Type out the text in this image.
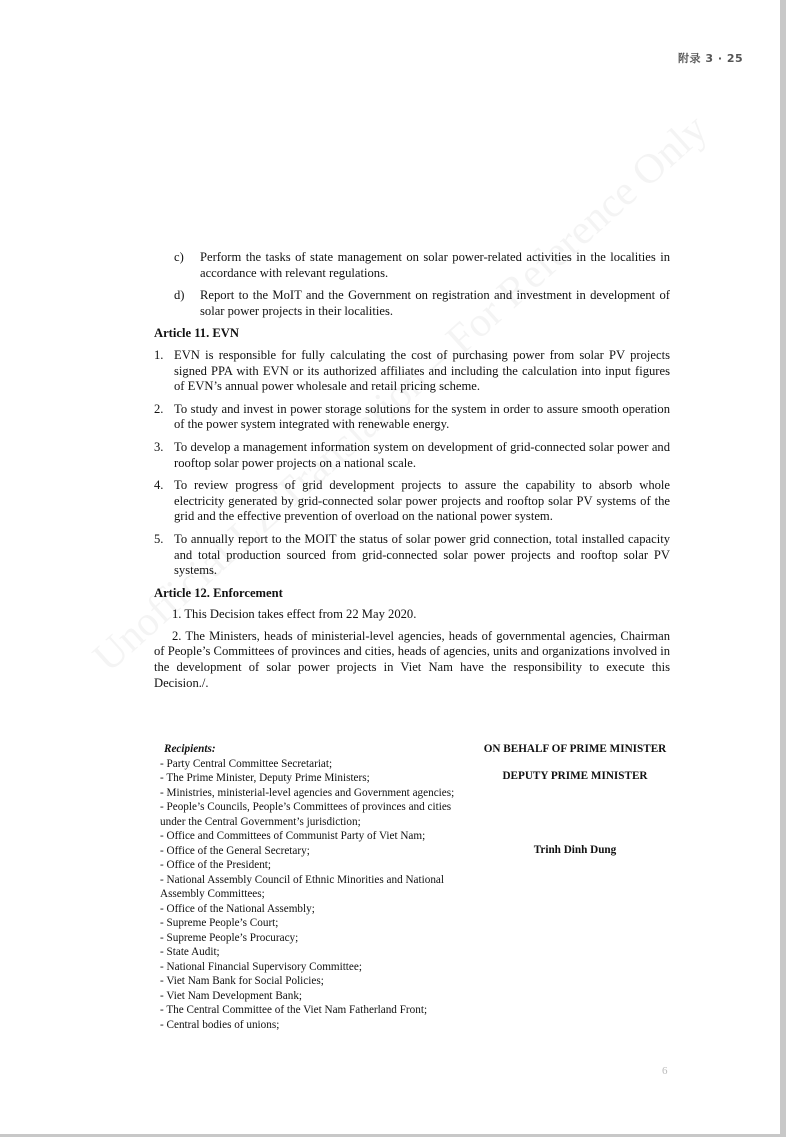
附录 3 · 25
c)	Perform the tasks of state management on solar power-related activities in the localities in accordance with relevant regulations.
d)	Report to the MoIT and the Government on registration and investment in development of solar power projects in their localities.
Article 11. EVN
1. EVN is responsible for fully calculating the cost of purchasing power from solar PV projects signed PPA with EVN or its authorized affiliates and including the calculation into input figures of EVN’s annual power wholesale and retail pricing scheme.
2. To study and invest in power storage solutions for the system in order to assure smooth operation of the power system integrated with renewable energy.
3. To develop a management information system on development of grid-connected solar power and rooftop solar power projects on a national scale.
4. To review progress of grid development projects to assure the capability to absorb whole electricity generated by grid-connected solar power projects and rooftop solar PV systems of the grid and the effective prevention of overload on the national power system.
5. To annually report to the MOIT the status of solar power grid connection, total installed capacity and total production sourced from grid-connected solar power projects and rooftop solar PV systems.
Article 12. Enforcement
1. This Decision takes effect from 22 May 2020.
2. The Ministers, heads of ministerial-level agencies, heads of governmental agencies, Chairman of People’s Committees of provinces and cities, heads of agencies, units and organizations involved in the development of solar power projects in Viet Nam have the responsibility to execute this Decision./.
Recipients:
- Party Central Committee Secretariat;
- The Prime Minister, Deputy Prime Ministers;
- Ministries, ministerial-level agencies and Government agencies;
- People’s Councils, People’s Committees of provinces and cities under the Central Government’s jurisdiction;
- Office and Committees of Communist Party of Viet Nam;
- Office of the General Secretary;
- Office of the President;
- National Assembly Council of Ethnic Minorities and National Assembly Committees;
- Office of the National Assembly;
- Supreme People’s Court;
- Supreme People’s Procuracy;
- State Audit;
- National Financial Supervisory Committee;
- Viet Nam Bank for Social Policies;
- Viet Nam Development Bank;
- The Central Committee of the Viet Nam Fatherland Front;
- Central bodies of unions;
ON BEHALF OF PRIME MINISTER
DEPUTY PRIME MINISTER
Trinh Dinh Dung
6
